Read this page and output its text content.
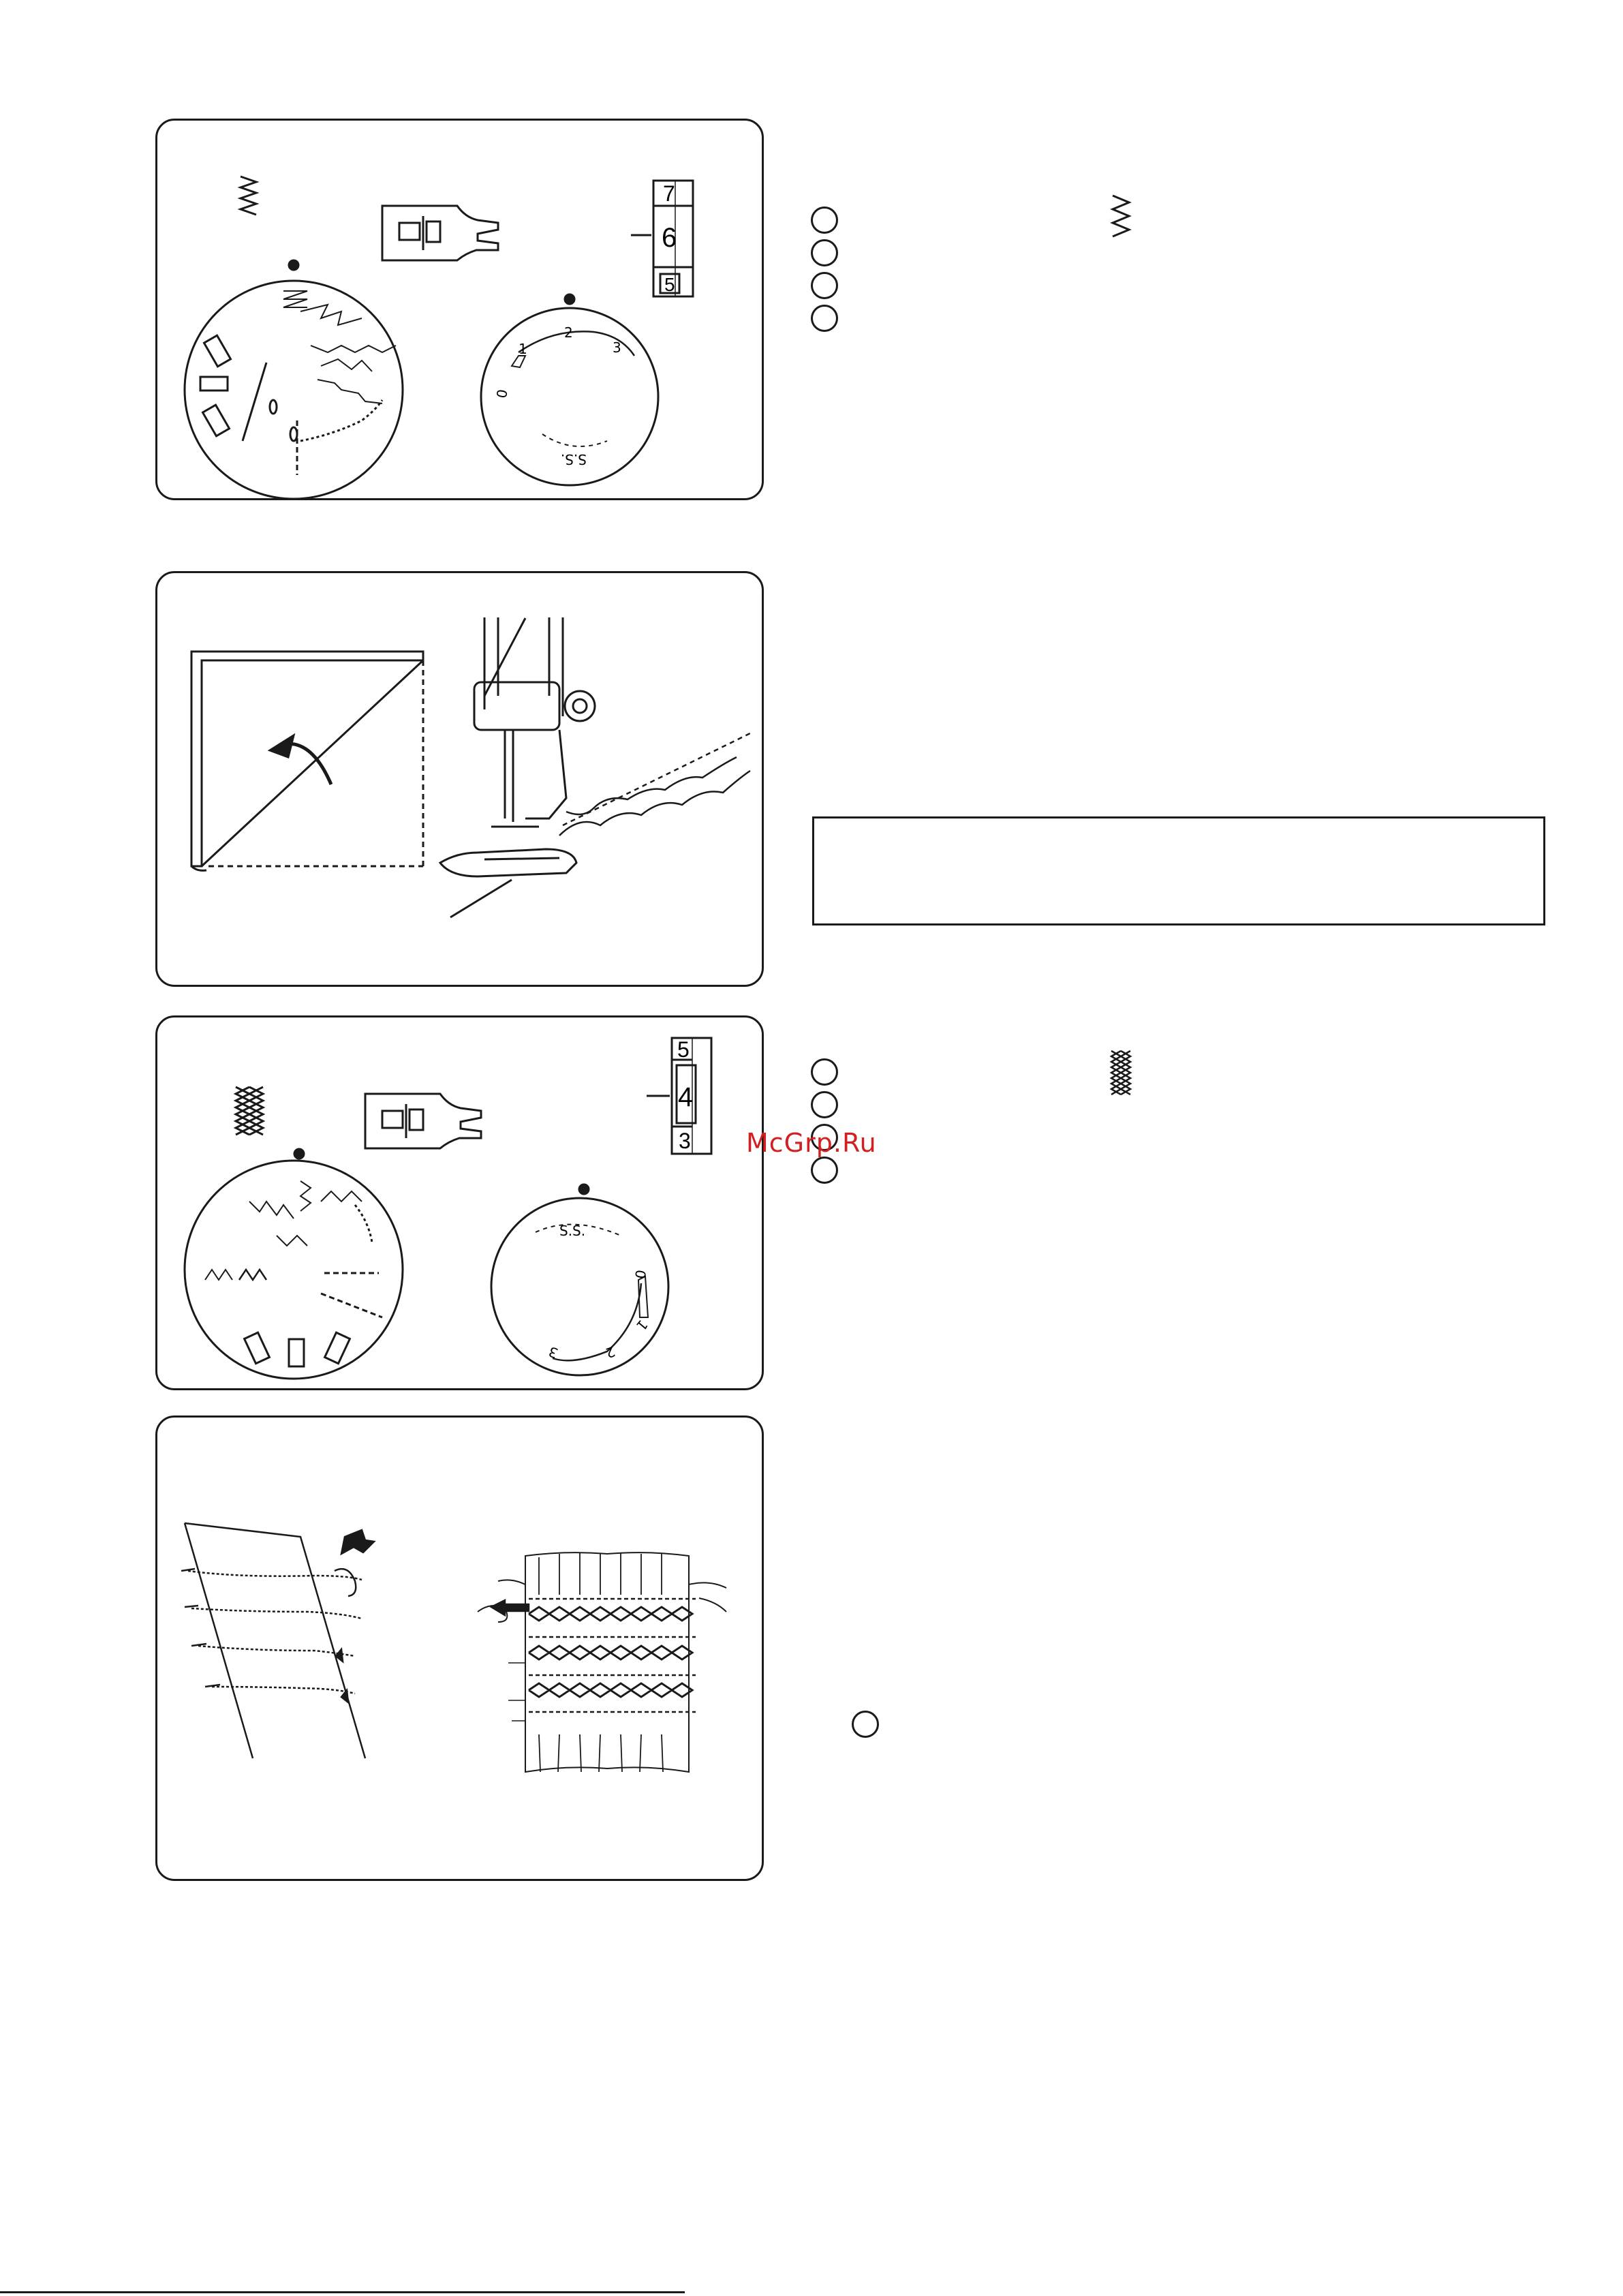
7
6
5
0
1
2
3
S.S.
5
4
3
S.S.
0
1
2
3
McGrp.Ru
